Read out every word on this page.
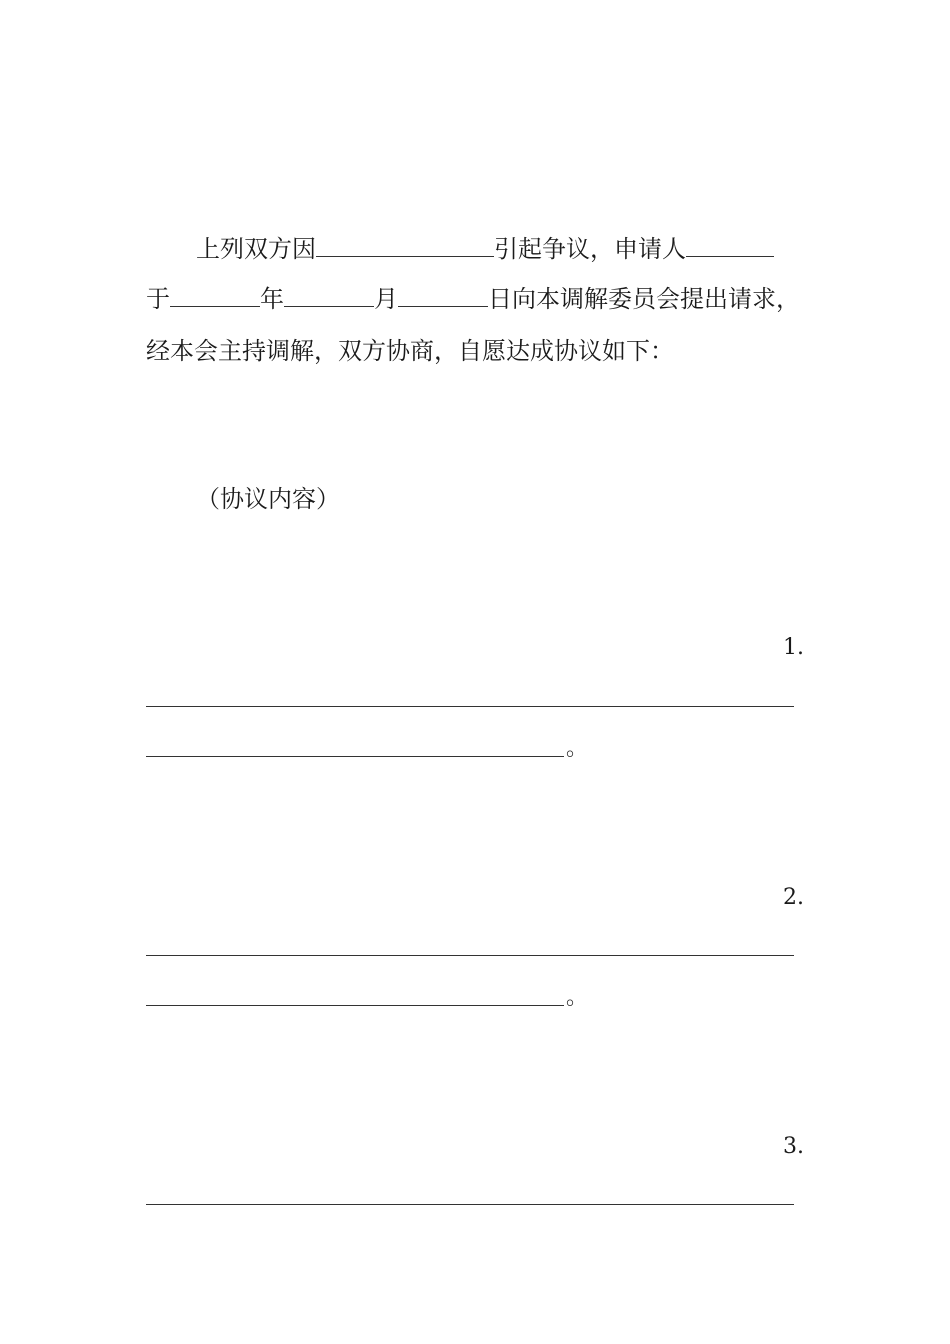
上列双方因	引起争议，申请人
于	年	月	日向本调解委员会提出请求，
经本会主持调解，双方协商，自愿达成协议如下：
（协议内容）
1.
。
2.
。
3.
